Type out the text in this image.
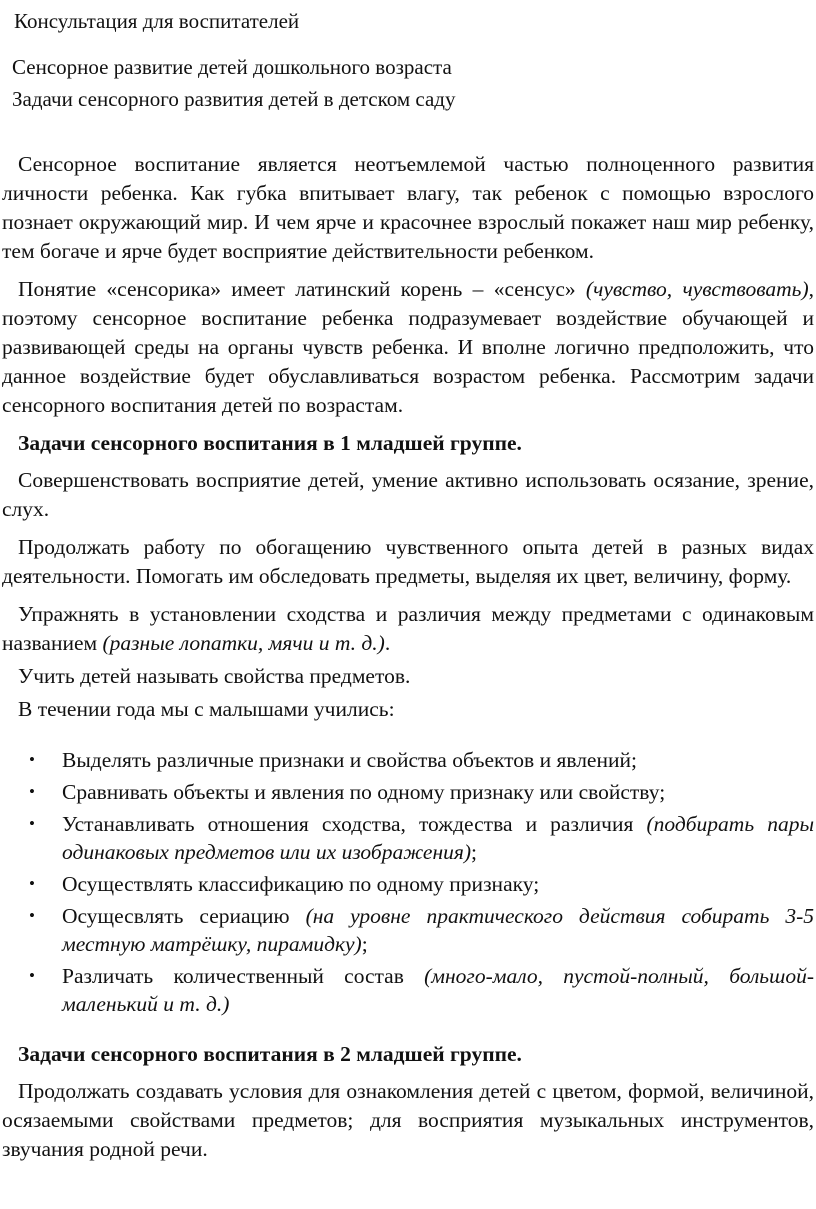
Консультация для воспитателей
Сенсорное развитие детей дошкольного возраста
Задачи сенсорного развития детей в детском саду

Сенсорное воспитание является неотъемлемой частью полноценного развития личности ребенка. Как губка впитывает влагу, так ребенок с помощью взрослого познает окружающий мир. И чем ярче и красочнее взрослый покажет наш мир ребенку, тем богаче и ярче будет восприятие действительности ребенком.

Понятие «сенсорика» имеет латинский корень – «сенсус» (чувство, чувствовать), поэтому сенсорное воспитание ребенка подразумевает воздействие обучающей и развивающей среды на органы чувств ребенка. И вполне логично предположить, что данное воздействие будет обуславливаться возрастом ребенка. Рассмотрим задачи сенсорного воспитания детей по возрастам.

Задачи сенсорного воспитания в 1 младшей группе.

Совершенствовать восприятие детей, умение активно использовать осязание, зрение, слух.

Продолжать работу по обогащению чувственного опыта детей в разных видах деятельности. Помогать им обследовать предметы, выделяя их цвет, величину, форму.

Упражнять в установлении сходства и различия между предметами с одинаковым названием (разные лопатки, мячи и т. д.).

Учить детей называть свойства предметов.

В течении года мы с малышами учились:

• Выделять различные признаки и свойства объектов и явлений;
• Сравнивать объекты и явления по одному признаку или свойству;
• Устанавливать отношения сходства, тождества и различия (подбирать пары одинаковых предметов или их изображения);
• Осуществлять классификацию по одному признаку;
• Осущесвлять сериацию (на уровне практического действия собирать 3-5 местную матрёшку, пирамидку);
• Различать количественный состав (много-мало, пустой-полный, большой-маленький и т. д.)
Задачи сенсорного воспитания в 2 младшей группе.

Продолжать создавать условия для ознакомления детей с цветом, формой, величиной, осязаемыми свойствами предметов; для восприятия музыкальных инструментов, звучания родной речи.
